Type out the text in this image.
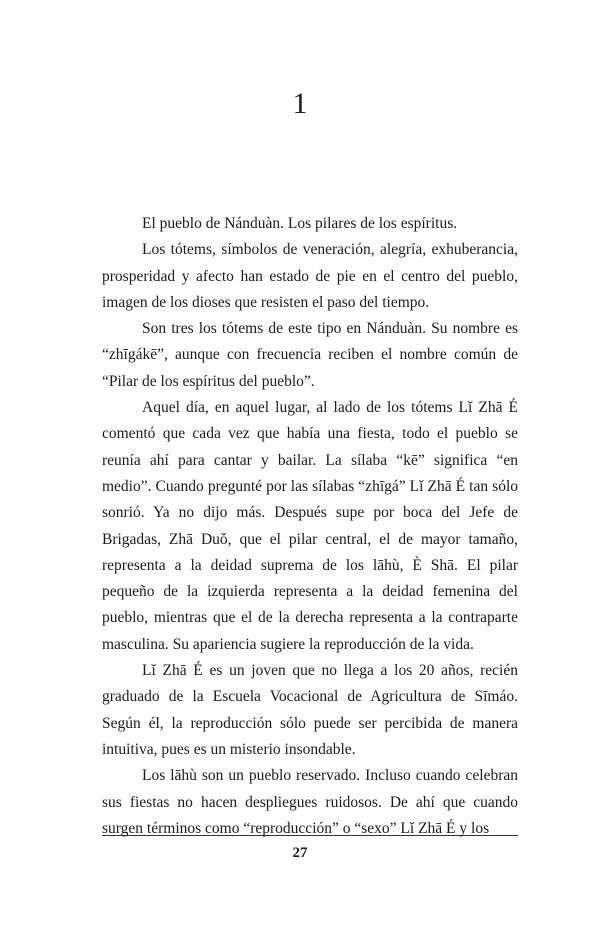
1

El pueblo de Nánduàn. Los pilares de los espíritus.

Los tótems, símbolos de veneración, alegría, exhuberancia, prosperidad y afecto han estado de pie en el centro del pueblo, imagen de los dioses que resisten el paso del tiempo.

Son tres los tótems de este tipo en Nánduàn. Su nombre es “zhīgákē”, aunque con frecuencia reciben el nombre común de “Pilar de los espíritus del pueblo”.

Aquel día, en aquel lugar, al lado de los tótems Lǐ Zhā É comentó que cada vez que había una fiesta, todo el pueblo se reunía ahí para cantar y bailar. La sílaba “kē” significa “en medio”. Cuando pregunté por las sílabas “zhīgá” Lǐ Zhā É tan sólo sonrió. Ya no dijo más. Después supe por boca del Jefe de Brigadas, Zhā Duǒ, que el pilar central, el de mayor tamaño, representa a la deidad suprema de los lāhù, È Shā. El pilar pequeño de la izquierda representa a la deidad femenina del pueblo, mientras que el de la derecha representa a la contraparte masculina. Su apariencia sugiere la reproducción de la vida.

Lǐ Zhā É es un joven que no llega a los 20 años, recién graduado de la Escuela Vocacional de Agricultura de Sīmáo. Según él, la reproducción sólo puede ser percibida de manera intuitiva, pues es un misterio insondable.

Los lāhù son un pueblo reservado. Incluso cuando celebran sus fiestas no hacen despliegues ruidosos. De ahí que cuando surgen términos como “reproducción” o “sexo” Lǐ Zhā É y los

27
